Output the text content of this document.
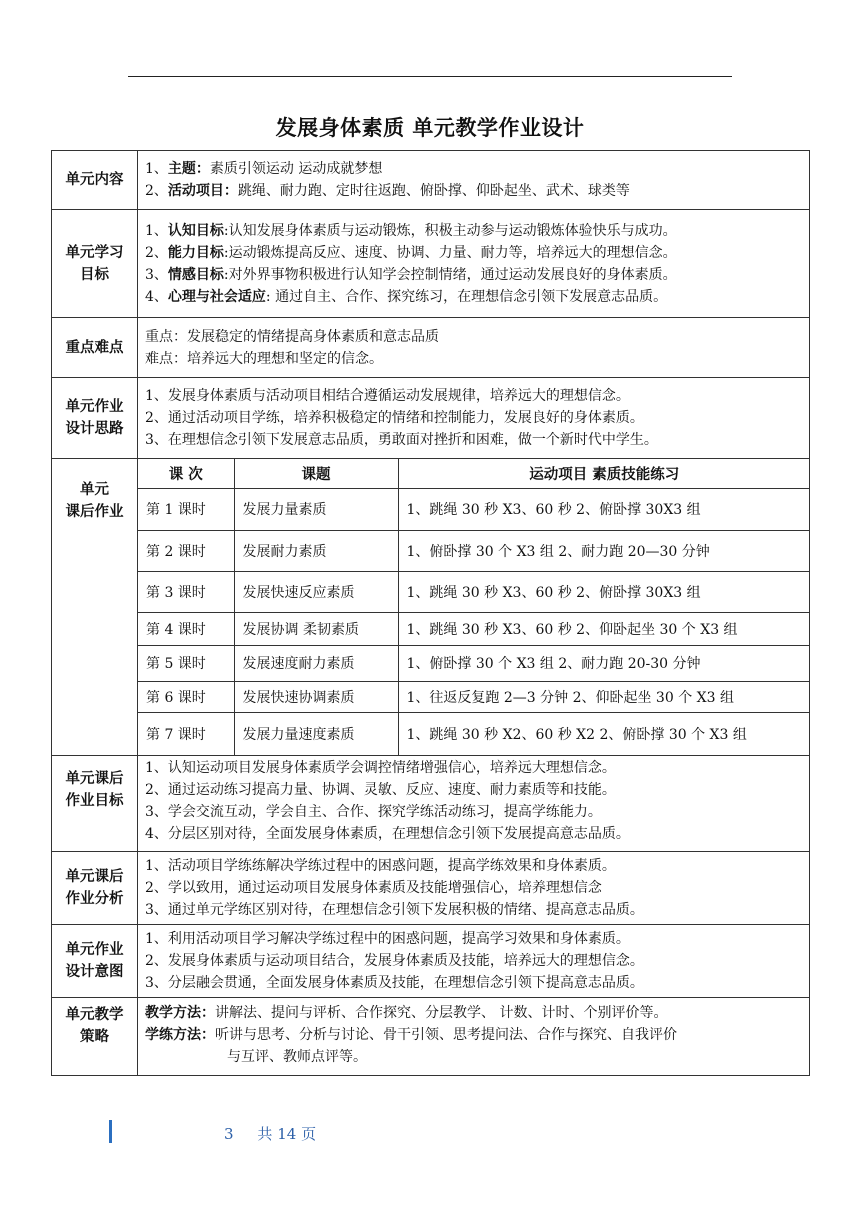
发展身体素质 单元教学作业设计
单元内容	
1、主题：素质引领运动 运动成就梦想
2、活动项目：跳绳、耐力跑、定时往返跑、俯卧撑、仰卧起坐、武术、球类等

单元学习
目标

1、认知目标:认知发展身体素质与运动锻炼，积极主动参与运动锻炼体验快乐与成功。
2、能力目标:运动锻炼提高反应、速度、协调、力量、耐力等，培养远大的理想信念。
3、情感目标:对外界事物积极进行认知学会控制情绪，通过运动发展良好的身体素质。
4、心理与社会适应: 通过自主、合作、探究练习，在理想信念引领下发展意志品质。

重点难点	
重点：发展稳定的情绪提高身体素质和意志品质
难点：培养远大的理想和坚定的信念。

单元作业
设计思路

1、发展身体素质与活动项目相结合遵循运动发展规律，培养远大的理想信念。
2、通过活动项目学练，培养积极稳定的情绪和控制能力，发展良好的身体素质。
3、在理想信念引领下发展意志品质，勇敢面对挫折和困难，做一个新时代中学生。

单元
课后作业

课 次	课题	运动项目 素质技能练习
第 1 课时	发展力量素质	1、跳绳 30 秒 X3、60 秒 2、俯卧撑 30X3 组
第 2 课时	发展耐力素质	1、俯卧撑 30 个 X3 组 2、耐力跑 20—30 分钟
第 3 课时	发展快速反应素质	1、跳绳 30 秒 X3、60 秒 2、俯卧撑 30X3 组
第 4 课时	发展协调 柔韧素质	1、跳绳 30 秒 X3、60 秒 2、仰卧起坐 30 个 X3 组
第 5 课时	发展速度耐力素质	1、俯卧撑 30 个 X3 组 2、耐力跑 20-30 分钟
第 6 课时	发展快速协调素质	1、往返反复跑 2—3 分钟 2、仰卧起坐 30 个 X3 组
第 7 课时	发展力量速度素质	1、跳绳 30 秒 X2、60 秒 X2 2、俯卧撑 30 个 X3 组

单元课后
作业目标

1、认知运动项目发展身体素质学会调控情绪增强信心，培养远大理想信念。
2、通过运动练习提高力量、协调、灵敏、反应、速度、耐力素质等和技能。
3、学会交流互动，学会自主、合作、探究学练活动练习，提高学练能力。
4、分层区别对待，全面发展身体素质，在理想信念引领下发展提高意志品质。

单元课后
作业分析

1、活动项目学练练解决学练过程中的困惑问题，提高学练效果和身体素质。
2、学以致用，通过运动项目发展身体素质及技能增强信心，培养理想信念
3、通过单元学练区别对待，在理想信念引领下发展积极的情绪、提高意志品质。

单元作业
设计意图

1、利用活动项目学习解决学练过程中的困惑问题，提高学习效果和身体素质。
2、发展身体素质与运动项目结合，发展身体素质及技能，培养远大的理想信念。
3、分层融会贯通，全面发展身体素质及技能，在理想信念引领下提高意志品质。

单元教学
策略

教学方法： 讲解法、提问与评析、合作探究、分层教学、 计数、计时、个别评价等。
学练方法： 听讲与思考、分析与讨论、骨干引领、思考提问法、合作与探究、自我评价
与互评、教师点评等。
3 共 14 页
